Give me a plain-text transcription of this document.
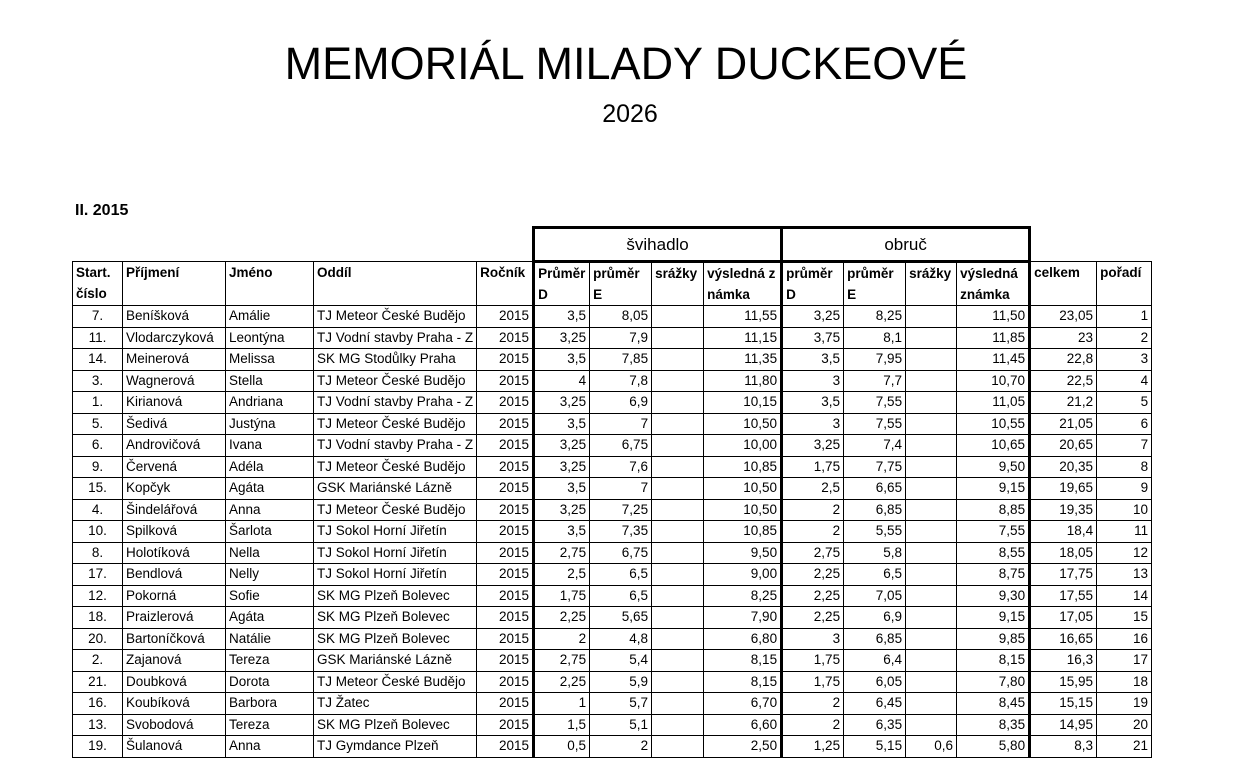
MEMORIÁL MILADY DUCKEOVÉ
2026
II. 2015
					švihadlo				obruč					
Start. číslo	Příjmení	Jméno	Oddíl	Ročník	Průměr D	průměr E	srážky	výsledná známka	průměr D	průměr E	srážky	výsledná známka	celkem	pořadí
7.	Beníšková	Amálie	TJ Meteor České Budějo	2015	3,5	8,05		11,55	3,25	8,25		11,50	23,05	1
11.	Vlodarczyková	Leontýna	TJ Vodní stavby Praha - Z	2015	3,25	7,9		11,15	3,75	8,1		11,85	23	2
14.	Meinerová	Melissa	SK MG Stodůlky Praha	2015	3,5	7,85		11,35	3,5	7,95		11,45	22,8	3
3.	Wagnerová	Stella	TJ Meteor České Budějo	2015	4	7,8		11,80	3	7,7		10,70	22,5	4
1.	Kirianová	Andriana	TJ Vodní stavby Praha - Z	2015	3,25	6,9		10,15	3,5	7,55		11,05	21,2	5
5.	Šedivá	Justýna	TJ Meteor České Budějo	2015	3,5	7		10,50	3	7,55		10,55	21,05	6
6.	Androvičová	Ivana	TJ Vodní stavby Praha - Z	2015	3,25	6,75		10,00	3,25	7,4		10,65	20,65	7
9.	Červená	Adéla	TJ Meteor České Budějo	2015	3,25	7,6		10,85	1,75	7,75		9,50	20,35	8
15.	Kopčyk	Agáta	GSK Mariánské Lázně	2015	3,5	7		10,50	2,5	6,65		9,15	19,65	9
4.	Šindelářová	Anna	TJ Meteor České Budějo	2015	3,25	7,25		10,50	2	6,85		8,85	19,35	10
10.	Spilková	Šarlota	TJ Sokol Horní Jiřetín	2015	3,5	7,35		10,85	2	5,55		7,55	18,4	11
8.	Holotíková	Nella	TJ Sokol Horní Jiřetín	2015	2,75	6,75		9,50	2,75	5,8		8,55	18,05	12
17.	Bendlová	Nelly	TJ Sokol Horní Jiřetín	2015	2,5	6,5		9,00	2,25	6,5		8,75	17,75	13
12.	Pokorná	Sofie	SK MG Plzeň Bolevec	2015	1,75	6,5		8,25	2,25	7,05		9,30	17,55	14
18.	Praizlerová	Agáta	SK MG Plzeň Bolevec	2015	2,25	5,65		7,90	2,25	6,9		9,15	17,05	15
20.	Bartoníčková	Natálie	SK MG Plzeň Bolevec	2015	2	4,8		6,80	3	6,85		9,85	16,65	16
2.	Zajanová	Tereza	GSK Mariánské Lázně	2015	2,75	5,4		8,15	1,75	6,4		8,15	16,3	17
21.	Doubková	Dorota	TJ Meteor České Budějo	2015	2,25	5,9		8,15	1,75	6,05		7,80	15,95	18
16.	Koubíková	Barbora	TJ Žatec	2015	1	5,7		6,70	2	6,45		8,45	15,15	19
13.	Svobodová	Tereza	SK MG Plzeň Bolevec	2015	1,5	5,1		6,60	2	6,35		8,35	14,95	20
19.	Šulanová	Anna	TJ Gymdance Plzeň	2015	0,5	2		2,50	1,25	5,15	0,6	5,80	8,3	21
